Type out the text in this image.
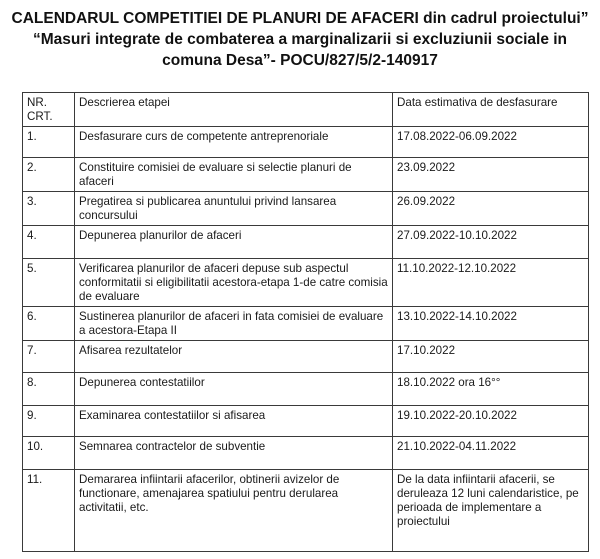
CALENDARUL COMPETITIEI DE PLANURI DE AFACERI din cadrul proiectului”
“Masuri integrate de combaterea a marginalizarii si excluziunii sociale in
comuna Desa”- POCU/827/5/2-140917
NR. CRT.	Descrierea etapei	Data estimativa de desfasurare
1.	Desfasurare curs de competente antreprenoriale	17.08.2022-06.09.2022
2.	Constituire comisiei de evaluare si selectie planuri de afaceri	23.09.2022
3.	Pregatirea si publicarea anuntului privind lansarea concursului	26.09.2022
4.	Depunerea planurilor de afaceri	27.09.2022-10.10.2022
5.	Verificarea planurilor de afaceri depuse sub aspectul conformitatii si eligibilitatii acestora-etapa 1-de catre comisia de evaluare	11.10.2022-12.10.2022
6.	Sustinerea planurilor de afaceri in fata comisiei de evaluare a acestora-Etapa II	13.10.2022-14.10.2022
7.	Afisarea rezultatelor	17.10.2022
8.	Depunerea contestatiilor	18.10.2022 ora 16°°
9.	Examinarea contestatiilor si afisarea	19.10.2022-20.10.2022
10.	Semnarea contractelor de subventie	21.10.2022-04.11.2022
11.	Demararea infiintarii afacerilor, obtinerii avizelor de functionare, amenajarea spatiului pentru derularea activitatii, etc.	De la data infiintarii afacerii, se deruleaza 12 luni calendaristice, pe perioada de implementare a proiectului
